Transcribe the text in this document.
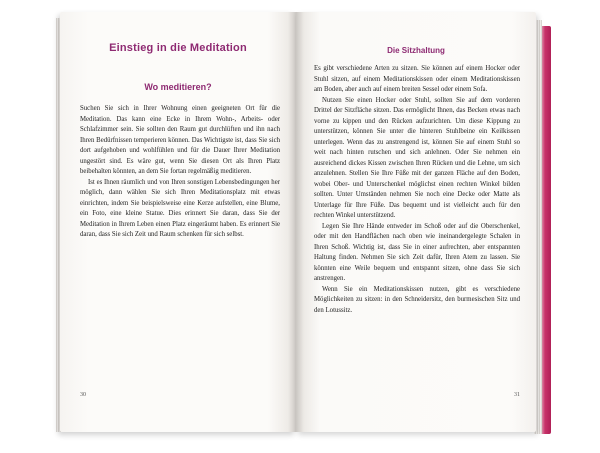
Einstieg in die Meditation
Wo meditieren?

Suchen Sie sich in Ihrer Wohnung einen geeigneten Ort für die Meditation. Das kann eine Ecke in Ihrem Wohn-, Arbeits- oder Schlafzimmer sein. Sie sollten den Raum gut durchlüften und ihn nach Ihren Bedürfnissen temperieren können. Das Wichtigste ist, dass Sie sich dort aufgehoben und wohlfühlen und für die Dauer Ihrer Meditation ungestört sind. Es wäre gut, wenn Sie diesen Ort als Ihren Platz beibehalten könnten, an dem Sie fortan regelmäßig meditieren.

Ist es Ihnen räumlich und von Ihren sonstigen Lebensbedingungen her möglich, dann wählen Sie sich Ihren Meditationsplatz mit etwas einrichten, indem Sie beispielsweise eine Kerze aufstellen, eine Blume, ein Foto, eine kleine Statue. Dies erinnert Sie daran, dass Sie der Meditation in Ihrem Leben einen Platz eingeräumt haben. Es erinnert Sie daran, dass Sie sich Zeit und Raum schenken für sich selbst.

30
Die Sitzhaltung

Es gibt verschiedene Arten zu sitzen. Sie können auf einem Hocker oder Stuhl sitzen, auf einem Meditationskissen oder einem Meditationskissen am Boden, aber auch auf einem breiten Sessel oder einem Sofa.

Nutzen Sie einen Hocker oder Stuhl, sollten Sie auf dem vorderen Drittel der Sitzfläche sitzen. Das ermöglicht Ihnen, das Becken etwas nach vorne zu kippen und den Rücken aufzurichten. Um diese Kippung zu unterstützen, können Sie unter die hinteren Stuhlbeine ein Keilkissen unterlegen. Wenn das zu anstrengend ist, können Sie auf einem Stuhl so weit nach hinten rutschen und sich anlehnen. Oder Sie nehmen ein ausreichend dickes Kissen zwischen Ihren Rücken und die Lehne, um sich anzulehnen. Stellen Sie Ihre Füße mit der ganzen Fläche auf den Boden, wobei Ober- und Unterschenkel möglichst einen rechten Winkel bilden sollten. Unter Umständen nehmen Sie noch eine Decke oder Matte als Unterlage für Ihre Füße. Das bequemt und ist vielleicht auch für den rechten Winkel unterstützend.

Legen Sie Ihre Hände entweder im Schoß oder auf die Oberschenkel, oder mit den Handflächen nach oben wie ineinandergelegte Schalen in Ihren Schoß. Wichtig ist, dass Sie in einer aufrechten, aber entspannten Haltung finden. Nehmen Sie sich Zeit dafür, Ihren Atem zu lassen. Sie könnten eine Weile bequem und entspannt sitzen, ohne dass Sie sich anstrengen.

Wenn Sie ein Meditationskissen nutzen, gibt es verschiedene Möglichkeiten zu sitzen: in den Schneidersitz, den burmesischen Sitz und den Lotussitz.

31
